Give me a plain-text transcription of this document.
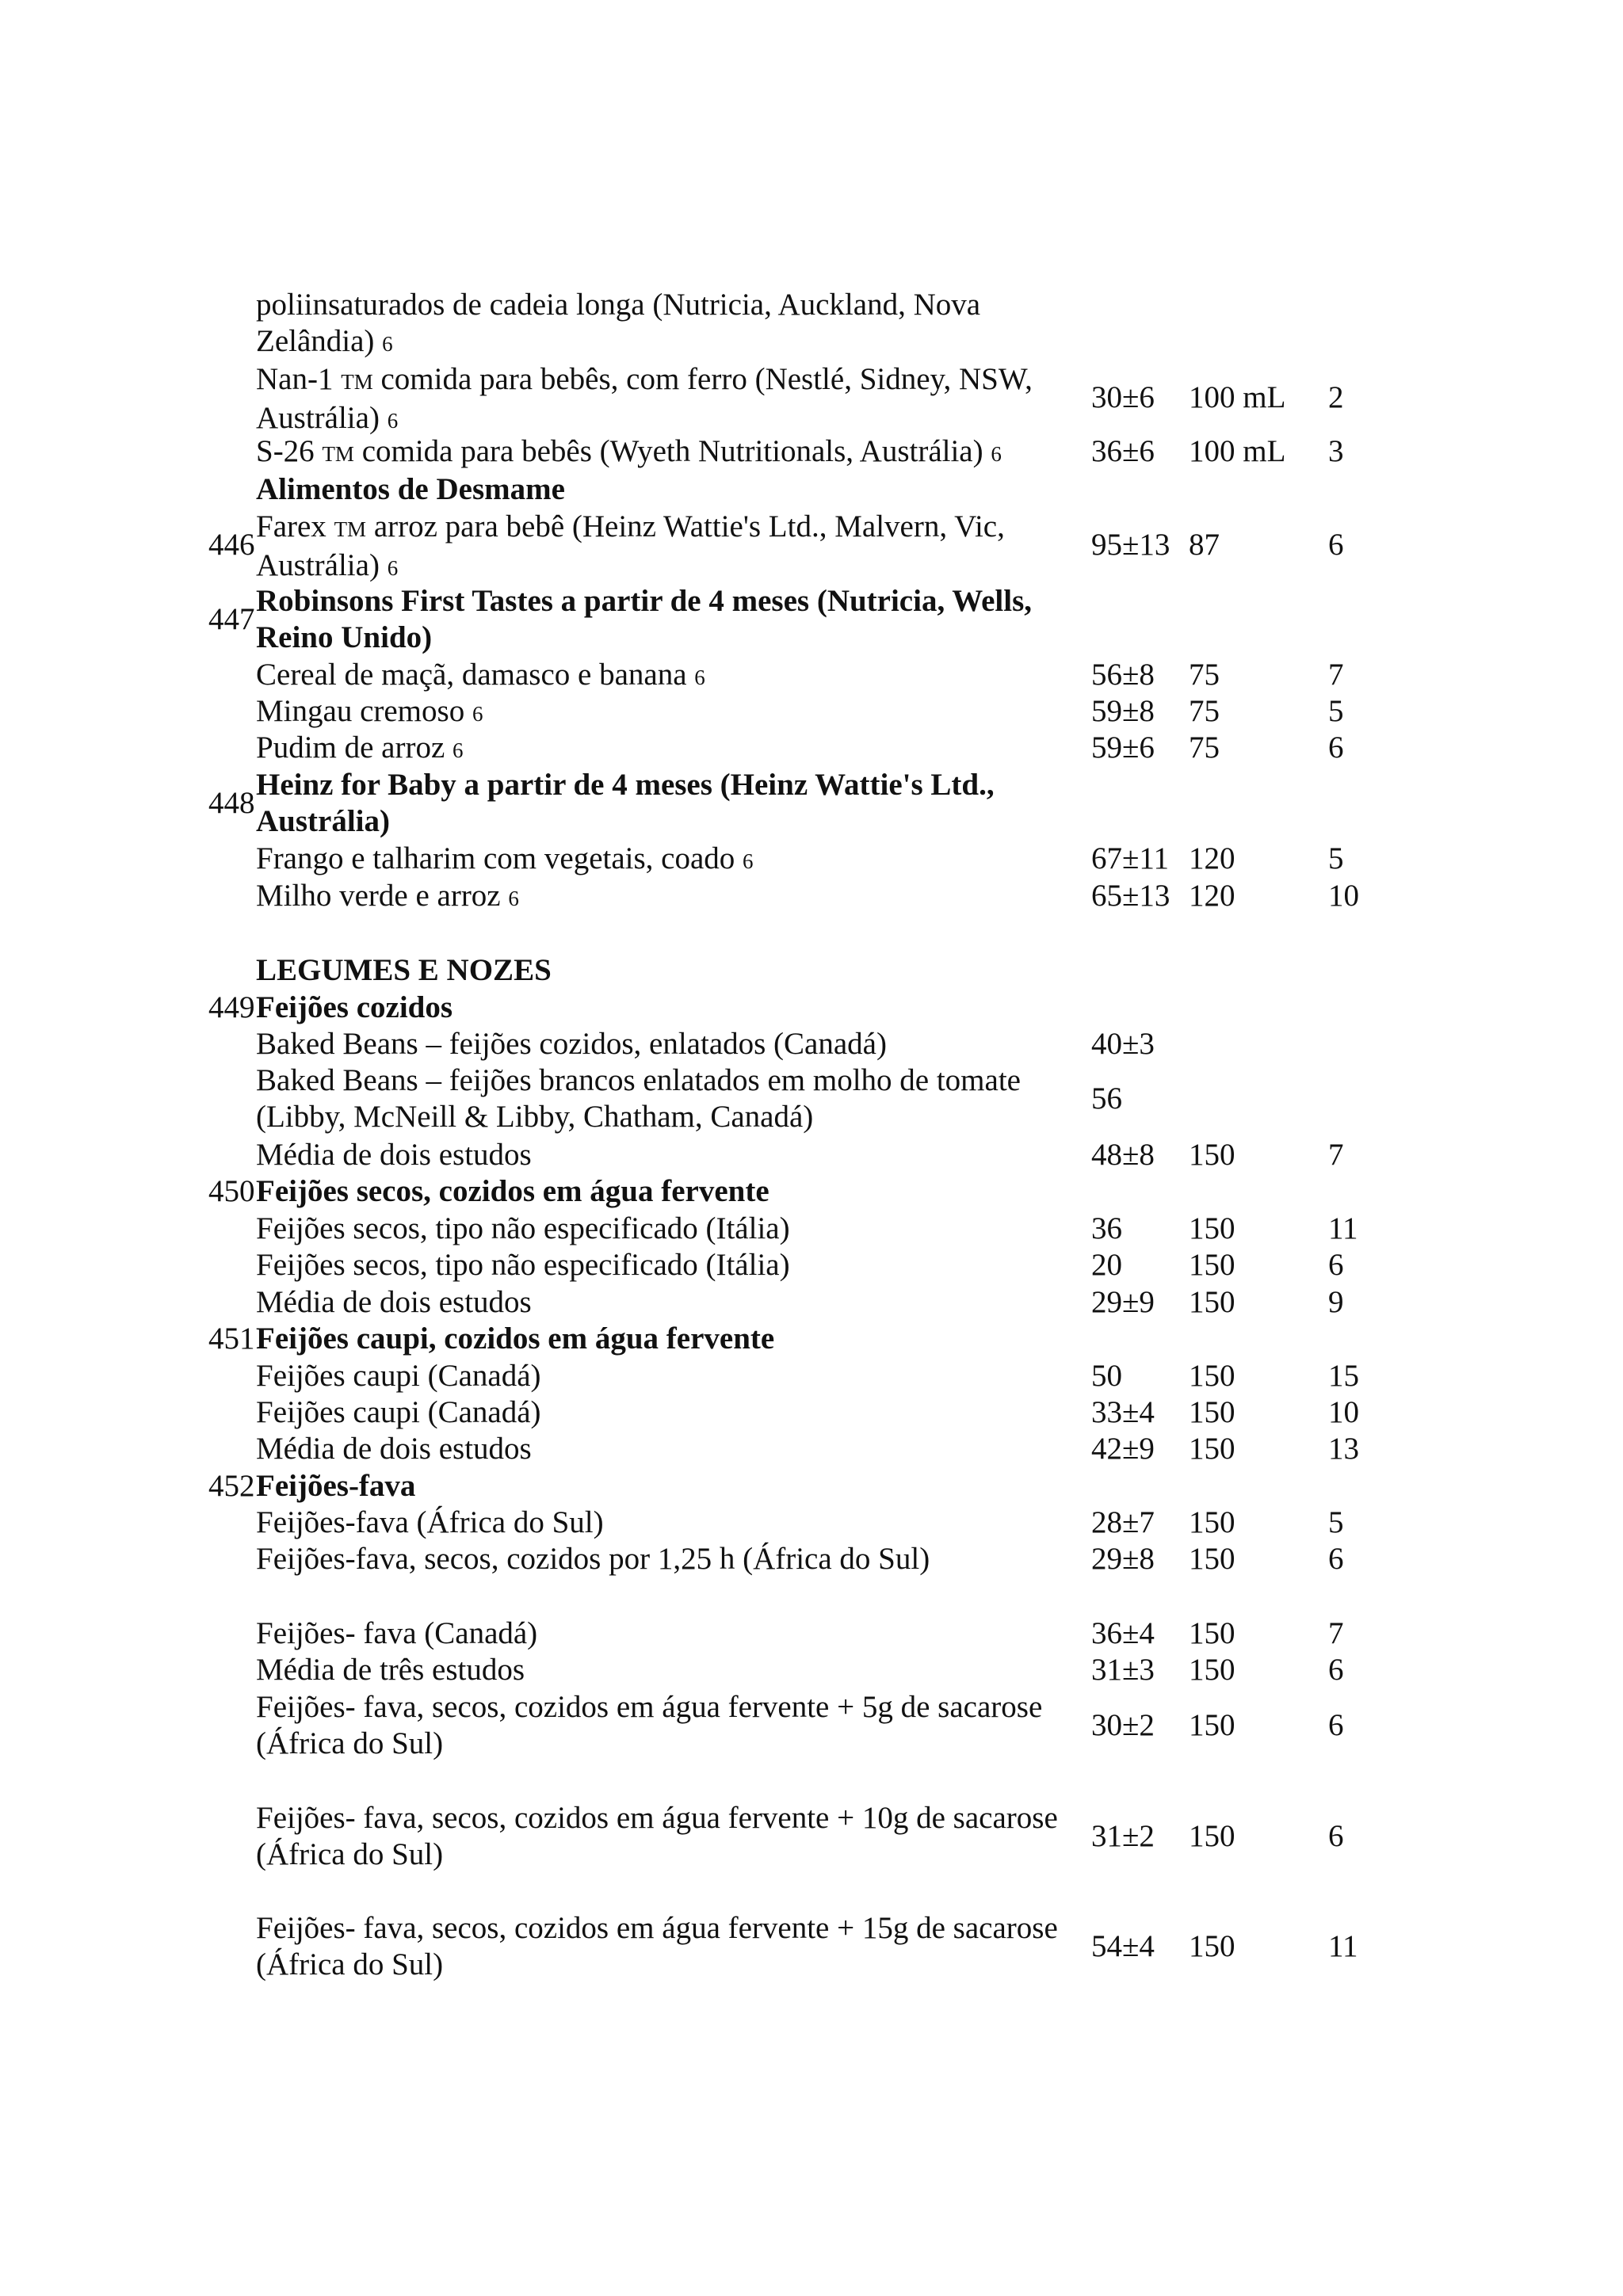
poliinsaturados de cadeia longa (Nutricia, Auckland, Nova
Zelândia) 6
Nan-1 TM comida para bebês, com ferro (Nestlé, Sidney, NSW,
Austrália) 6
30±6 100 mL 2
S-26 TM comida para bebês (Wyeth Nutritionals, Austrália) 6	36±6 100 mL 3
Alimentos de Desmame
446
Farex TM arroz para bebê (Heinz Wattie's Ltd., Malvern, Vic,
Austrália) 6
95±13 87	6
447
Robinsons First Tastes a partir de 4 meses (Nutricia, Wells,
Reino Unido)
Cereal de maçã, damasco e banana 6	56±8 75	7
Mingau cremoso 6	59±8 75	5
Pudim de arroz 6	59±6 75	6
448
Heinz for Baby a partir de 4 meses (Heinz Wattie's Ltd.,
Austrália)
Frango e talharim com vegetais, coado 6	67±11 120	5
Milho verde e arroz 6	65±13 120	10
LEGUMES E NOZES
449 Feijões cozidos
Baked Beans – feijões cozidos, enlatados (Canadá)	40±3
Baked Beans – feijões brancos enlatados em molho de tomate
(Libby, McNeill & Libby, Chatham, Canadá)
56
Média de dois estudos	48±8 150	7
450 Feijões secos, cozidos em água fervente
Feijões secos, tipo não especificado (Itália)	36 150	11
Feijões secos, tipo não especificado (Itália)	20 150	6
Média de dois estudos	29±9 150	9
451 Feijões caupi, cozidos em água fervente
Feijões caupi (Canadá)	50 150	15
Feijões caupi (Canadá)	33±4 150	10
Média de dois estudos	42±9 150	13
452 Feijões-fava
Feijões-fava (África do Sul)	28±7 150	5
Feijões-fava, secos, cozidos por 1,25 h (África do Sul)	29±8 150	6
Feijões- fava (Canadá)	36±4 150	7
Média de três estudos	31±3 150	6
Feijões- fava, secos, cozidos em água fervente + 5g de sacarose
(África do Sul)
30±2 150	6
Feijões- fava, secos, cozidos em água fervente + 10g de sacarose
(África do Sul)
31±2 150	6
Feijões- fava, secos, cozidos em água fervente + 15g de sacarose
(África do Sul)
54±4 150	11
